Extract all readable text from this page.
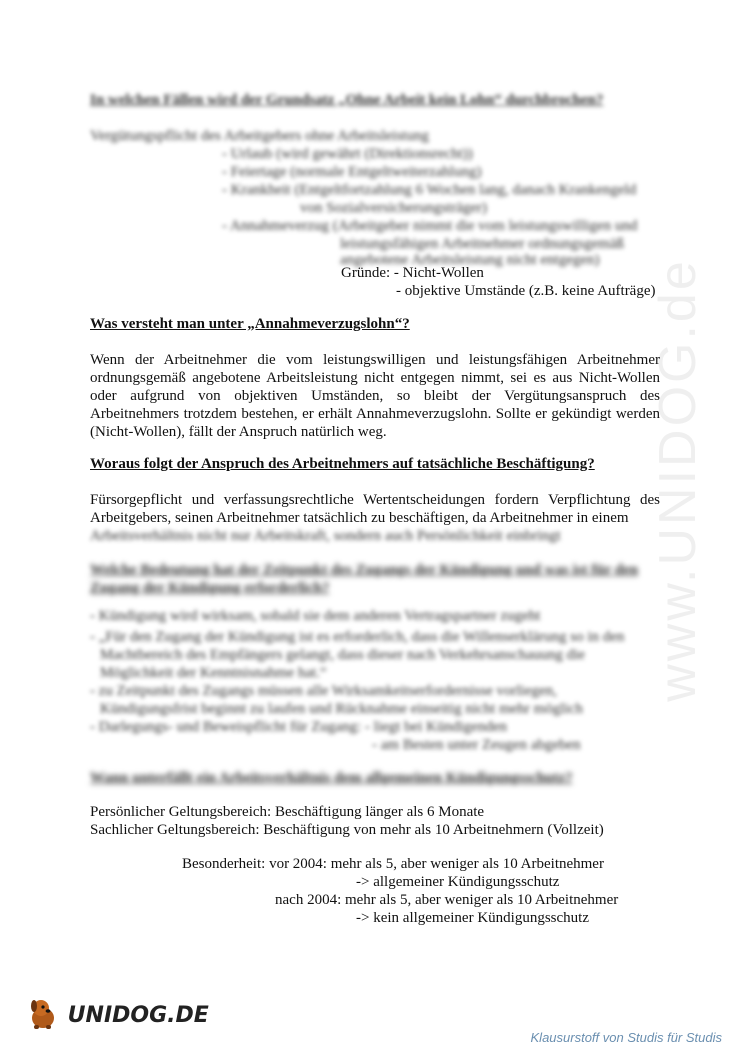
www.UNIDOG.de
In welchen Fällen wird der Grundsatz „Ohne Arbeit kein Lohn“ durchbrochen?
Vergütungspflicht des Arbeitgebers ohne Arbeitsleistung
- Urlaub (wird gewährt (Direktionsrecht))
- Feiertage (normale Entgeltweiterzahlung)
- Krankheit (Entgeltfortzahlung 6 Wochen lang, danach Krankengeld
von Sozialversicherungsträger)
- Annahmeverzug (Arbeitgeber nimmt die vom leistungswilligen und
leistungsfähigen Arbeitnehmer ordnungsgemäß
angebotene Arbeitsleistung nicht entgegen)
Gründe: - Nicht-Wollen
- objektive Umstände (z.B. keine Aufträge)
Was versteht man unter „Annahmeverzugslohn“?
Wenn der Arbeitnehmer die vom leistungswilligen und leistungsfähigen Arbeitnehmer ordnungsgemäß angebotene Arbeitsleistung nicht entgegen nimmt, sei es aus Nicht-Wollen oder aufgrund von objektiven Umständen, so bleibt der Vergütungsanspruch des Arbeitnehmers trotzdem bestehen, er erhält Annahmeverzugslohn. Sollte er gekündigt werden (Nicht-Wollen), fällt der Anspruch natürlich weg.
Woraus folgt der Anspruch des Arbeitnehmers auf tatsächliche Beschäftigung?
Fürsorgepflicht und verfassungsrechtliche Wertentscheidungen fordern Verpflichtung des Arbeitgebers, seinen Arbeitnehmer tatsächlich zu beschäftigen, da Arbeitnehmer in einem
Arbeitsverhältnis nicht nur Arbeitskraft, sondern auch Persönlichkeit einbringt
Welche Bedeutung hat der Zeitpunkt des Zugangs der Kündigung und was ist für den
Zugang der Kündigung erforderlich?
- Kündigung wird wirksam, sobald sie dem anderen Vertragspartner zugeht
- „Für den Zugang der Kündigung ist es erforderlich, dass die Willenserklärung so in den
Machtbereich des Empfängers gelangt, dass dieser nach Verkehrsanschauung die
Möglichkeit der Kenntnisnahme hat.“
- zu Zeitpunkt des Zugangs müssen alle Wirksamkeitserfordernisse vorliegen,
Kündigungsfrist beginnt zu laufen und Rücknahme einseitig nicht mehr möglich
- Darlegungs- und Beweispflicht für Zugang: - liegt bei Kündigenden
- am Besten unter Zeugen abgeben
Wann unterfällt ein Arbeitsverhältnis dem allgemeinen Kündigungsschutz?
Persönlicher Geltungsbereich: Beschäftigung länger als 6 Monate
Sachlicher Geltungsbereich: Beschäftigung von mehr als 10 Arbeitnehmern (Vollzeit)
Besonderheit: vor 2004: mehr als 5, aber weniger als 10 Arbeitnehmer
-> allgemeiner Kündigungsschutz
nach 2004: mehr als 5, aber weniger als 10 Arbeitnehmer
-> kein allgemeiner Kündigungsschutz
UNIDOG.DE
Klausurstoff von Studis für Studis
